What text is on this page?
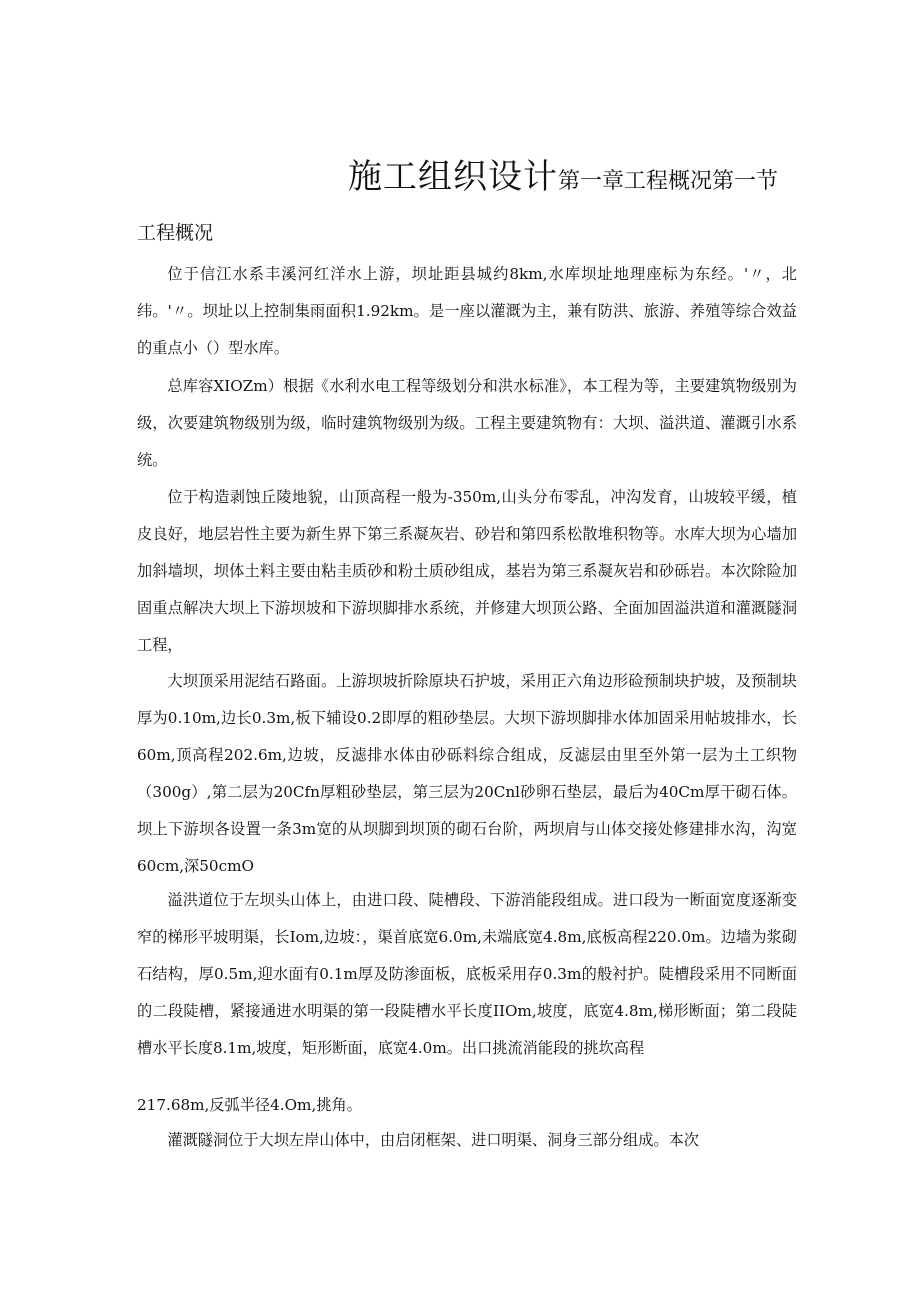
施工组织设计第一章工程概况第一节
工程概况

位于信江水系丰溪河红洋水上游，坝址距县城约8km,水库坝址地理座标为东经。'〃，北纬。'〃。坝址以上控制集雨面积1.92km。是一座以灌溉为主，兼有防洪、旅游、养殖等综合效益的重点小（）型水库。

总库容XIOZm）根据《水利水电工程等级划分和洪水标准》，本工程为等，主要建筑物级别为级，次要建筑物级别为级，临时建筑物级别为级。工程主要建筑物有：大坝、溢洪道、灌溉引水系统。

位于构造剥蚀丘陵地貌，山顶高程一般为-350m,山头分布零乱，冲沟发育，山坡较平缓，植皮良好，地层岩性主要为新生界下第三系凝灰岩、砂岩和第四系松散堆积物等。水库大坝为心墙加加斜墙坝，坝体土料主要由粘圭质砂和粉土质砂组成，基岩为第三系凝灰岩和砂砾岩。本次除险加固重点解决大坝上下游坝坡和下游坝脚排水系统，并修建大坝顶公路、全面加固溢洪道和灌溉隧洞工程，

大坝顶采用泥结石路面。上游坝坡折除原块石护坡，采用正六角边形硷预制块护坡，及预制块厚为0.10m,边长0.3m,板下辅设0.2即厚的粗砂垫层。大坝下游坝脚排水体加固采用帖坡排水，长60m,顶高程202.6m,边坡，反滤排水体由砂砾料综合组成，反滤层由里至外第一层为土工织物（300g）,第二层为20Cfn厚粗砂垫层，第三层为20Cnl砂卵石垫层，最后为40Cm厚干砌石体。坝上下游坝各设置一条3m宽的从坝脚到坝顶的砌石台阶，两坝肩与山体交接处修建排水沟，沟宽60cm,深50cmO

溢洪道位于左坝头山体上，由进口段、陡槽段、下游消能段组成。进口段为一断面宽度逐渐变窄的梯形平坡明渠，长Iom,边坡：，渠首底宽6.0m,未端底宽4.8m,底板高程220.0m。边墙为浆砌石结构，厚0.5m,迎水面有0.1m厚及防渗面板，底板采用存0.3m的般衬护。陡槽段采用不同断面的二段陡槽，紧接通进水明渠的第一段陡槽水平长度IIOm,坡度，底宽4.8m,梯形断面；第二段陡槽水平长度8.1m,坡度，矩形断面，底宽4.0m。出口挑流消能段的挑坎高程

217.68m,反弧半径4.Om,挑角。

灌溉隧洞位于大坝左岸山体中，由启闭框架、进口明渠、洞身三部分组成。本次
